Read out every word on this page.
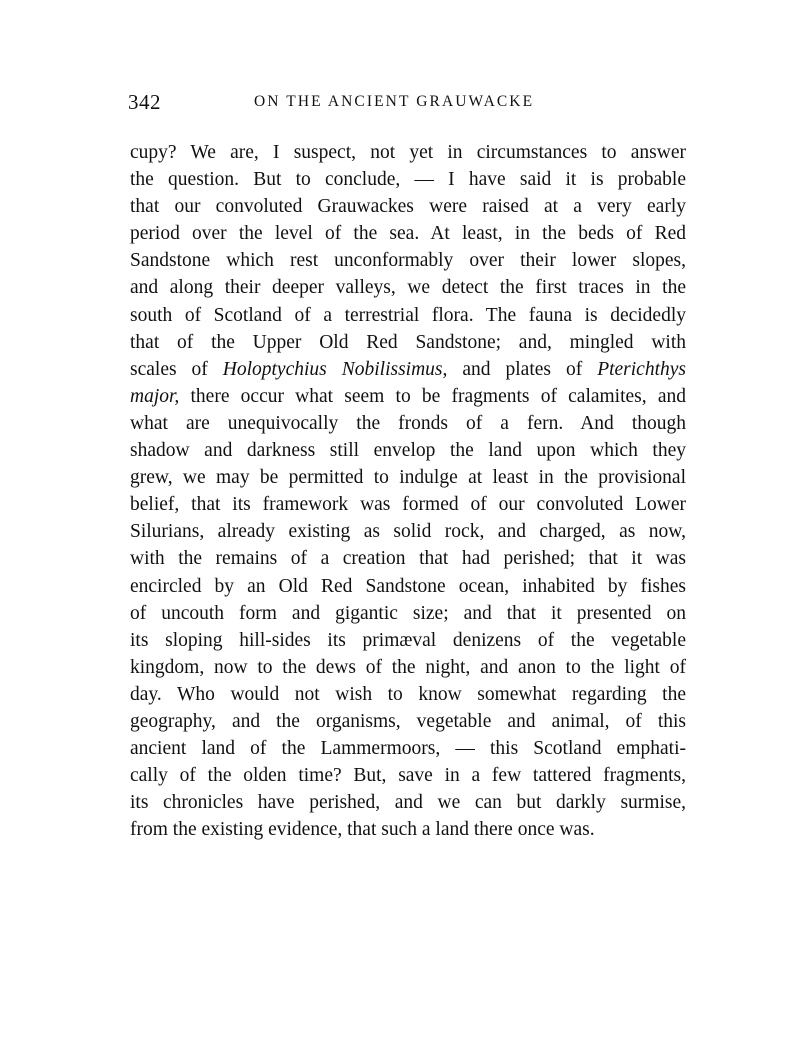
342	ON THE ANCIENT GRAUWACKE
cupy? We are, I suspect, not yet in circumstances to answer
the question. But to conclude, — I have said it is probable
that our convoluted Grauwackes were raised at a very early
period over the level of the sea. At least, in the beds of Red
Sandstone which rest unconformably over their lower slopes,
and along their deeper valleys, we detect the first traces in the
south of Scotland of a terrestrial flora. The fauna is decidedly
that of the Upper Old Red Sandstone; and, mingled with
scales of Holoptychius Nobilissimus, and plates of Pterichthys
major, there occur what seem to be fragments of calamites, and
what are unequivocally the fronds of a fern. And though
shadow and darkness still envelop the land upon which they
grew, we may be permitted to indulge at least in the provisional
belief, that its framework was formed of our convoluted Lower
Silurians, already existing as solid rock, and charged, as now,
with the remains of a creation that had perished; that it was
encircled by an Old Red Sandstone ocean, inhabited by fishes
of uncouth form and gigantic size; and that it presented on
its sloping hill-sides its primæval denizens of the vegetable
kingdom, now to the dews of the night, and anon to the light of
day. Who would not wish to know somewhat regarding the
geography, and the organisms, vegetable and animal, of this
ancient land of the Lammermoors, — this Scotland emphati-
cally of the olden time? But, save in a few tattered fragments,
its chronicles have perished, and we can but darkly surmise,
from the existing evidence, that such a land there once was.
